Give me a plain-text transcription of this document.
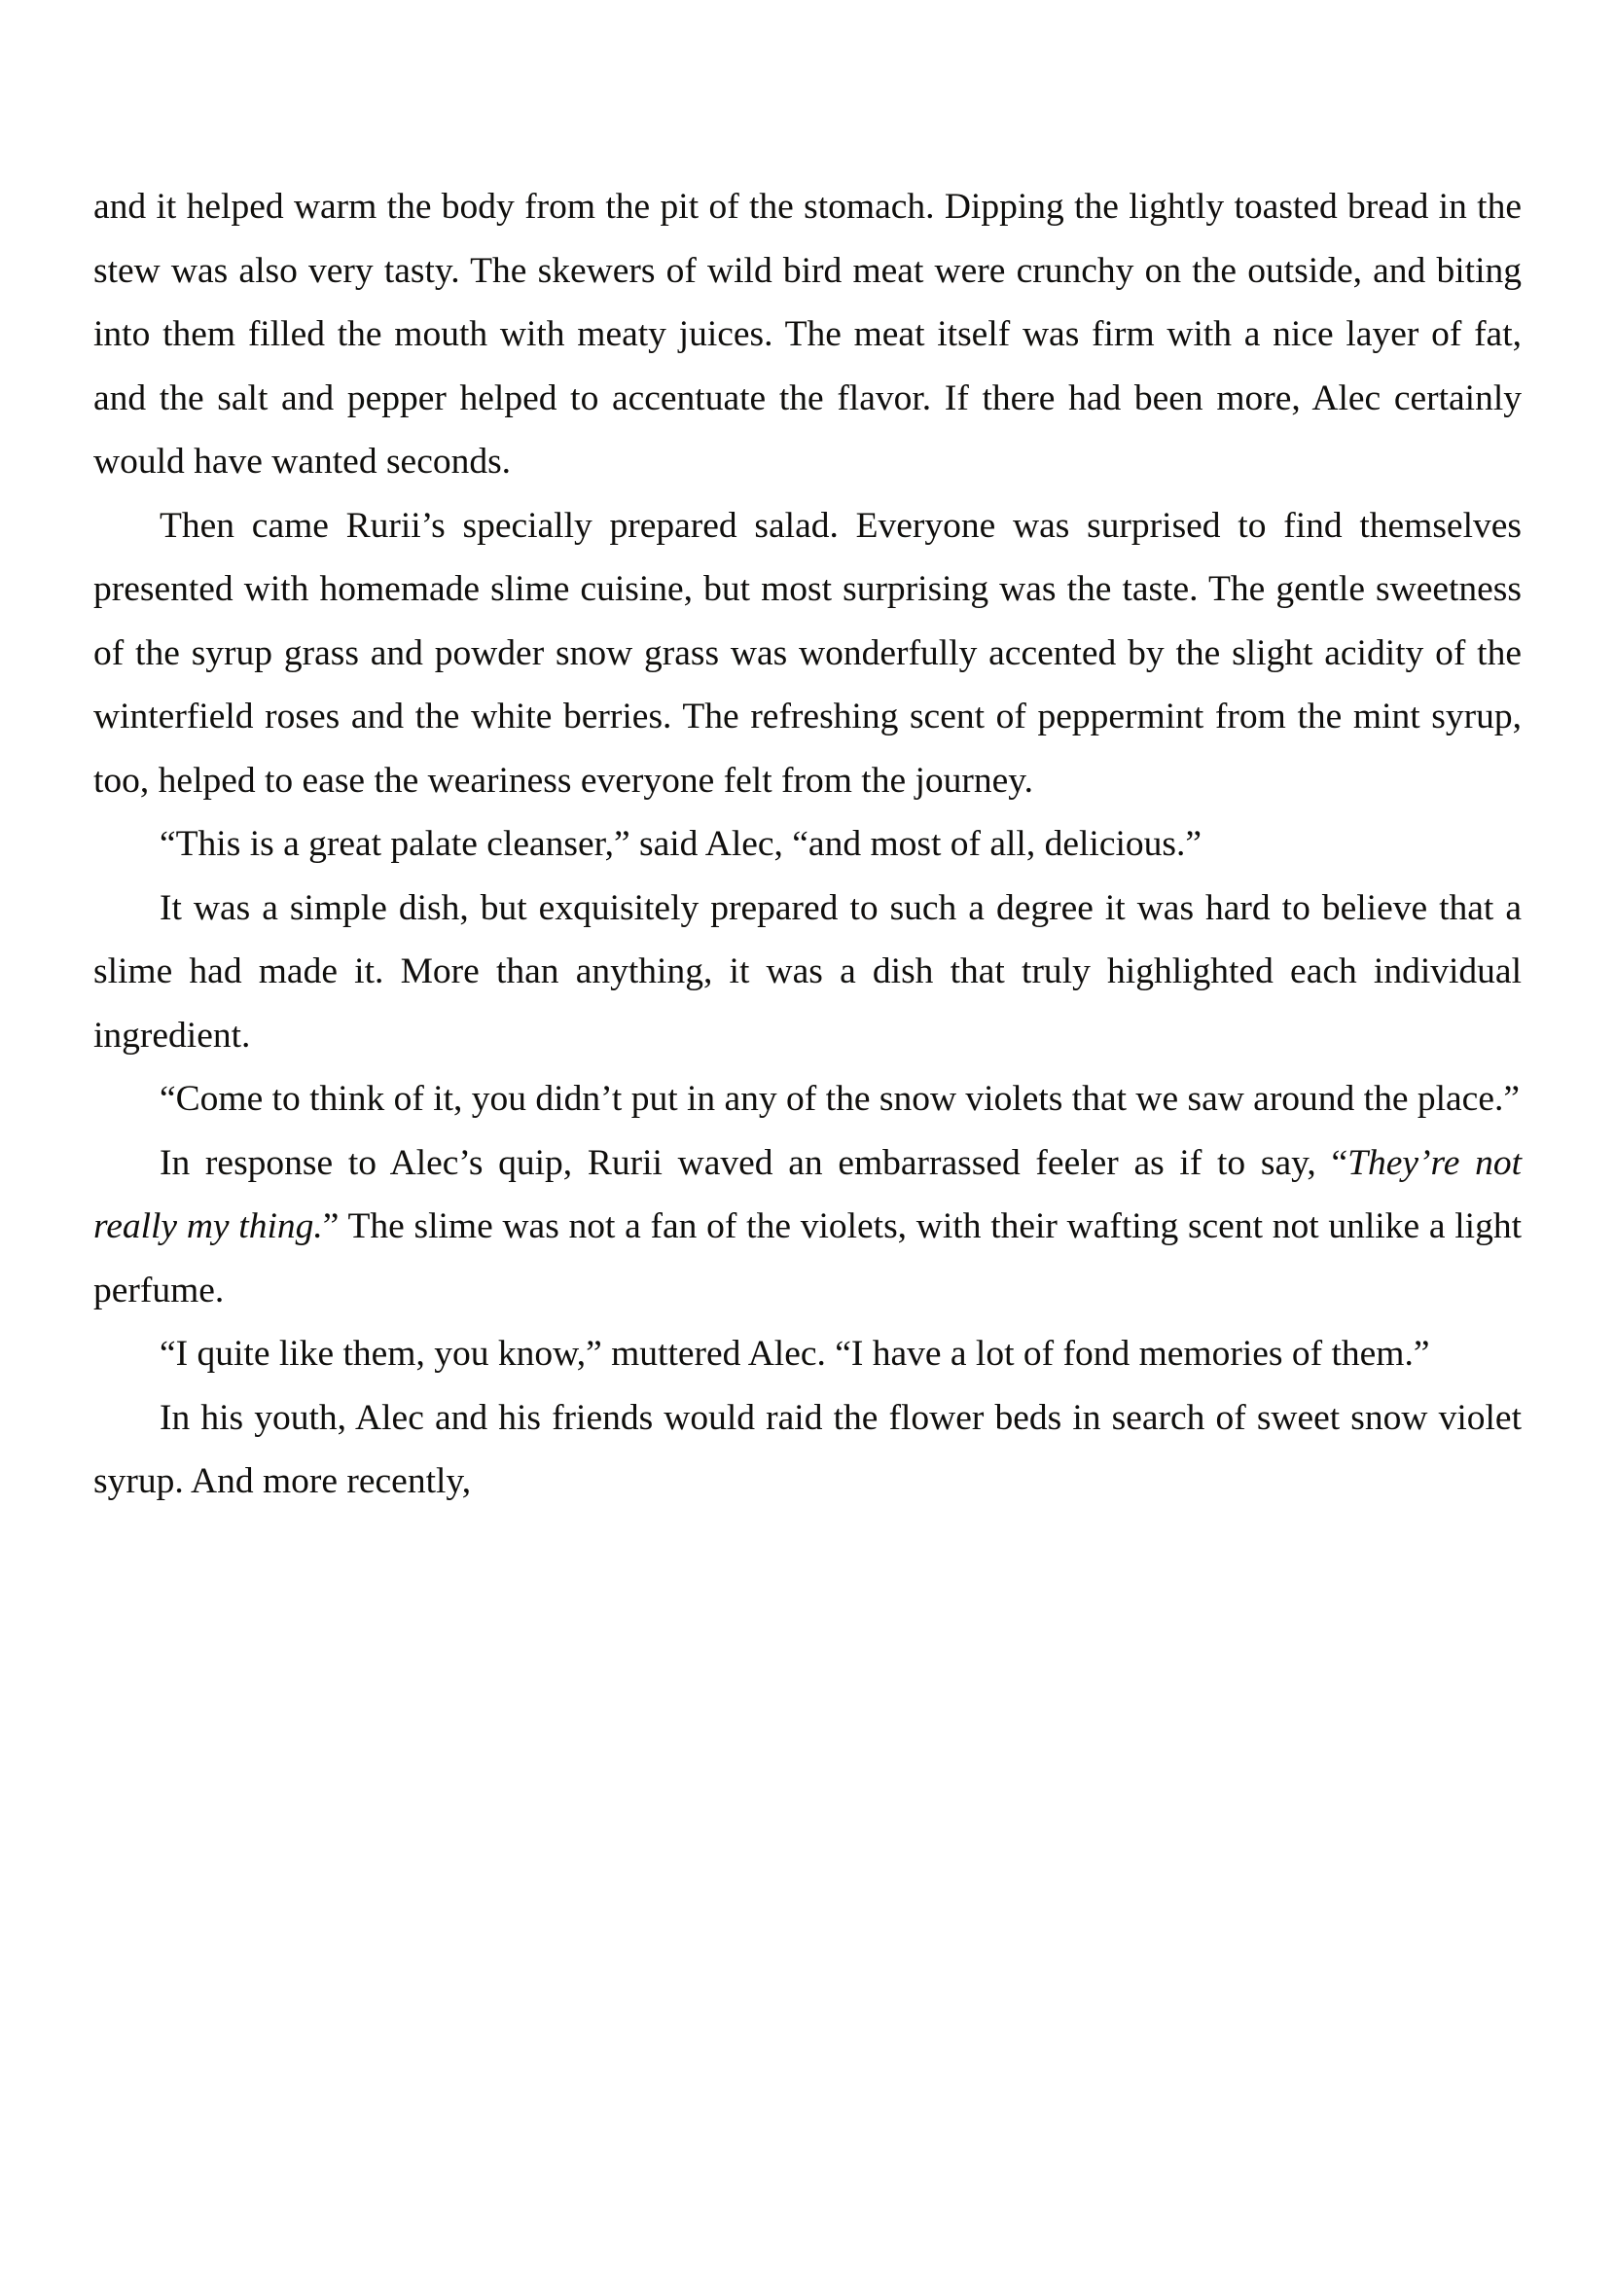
and it helped warm the body from the pit of the stomach. Dipping the lightly toasted bread in the stew was also very tasty. The skewers of wild bird meat were crunchy on the outside, and biting into them filled the mouth with meaty juices. The meat itself was firm with a nice layer of fat, and the salt and pepper helped to accentuate the flavor. If there had been more, Alec certainly would have wanted seconds.

Then came Rurii’s specially prepared salad. Everyone was surprised to find themselves presented with homemade slime cuisine, but most surprising was the taste. The gentle sweetness of the syrup grass and powder snow grass was wonderfully accented by the slight acidity of the winterfield roses and the white berries. The refreshing scent of peppermint from the mint syrup, too, helped to ease the weariness everyone felt from the journey.

“This is a great palate cleanser,” said Alec, “and most of all, delicious.”

It was a simple dish, but exquisitely prepared to such a degree it was hard to believe that a slime had made it. More than anything, it was a dish that truly highlighted each individual ingredient.

“Come to think of it, you didn’t put in any of the snow violets that we saw around the place.”

In response to Alec’s quip, Rurii waved an embarrassed feeler as if to say, “They’re not really my thing.” The slime was not a fan of the violets, with their wafting scent not unlike a light perfume.

“I quite like them, you know,” muttered Alec. “I have a lot of fond memories of them.”

In his youth, Alec and his friends would raid the flower beds in search of sweet snow violet syrup. And more recently,
